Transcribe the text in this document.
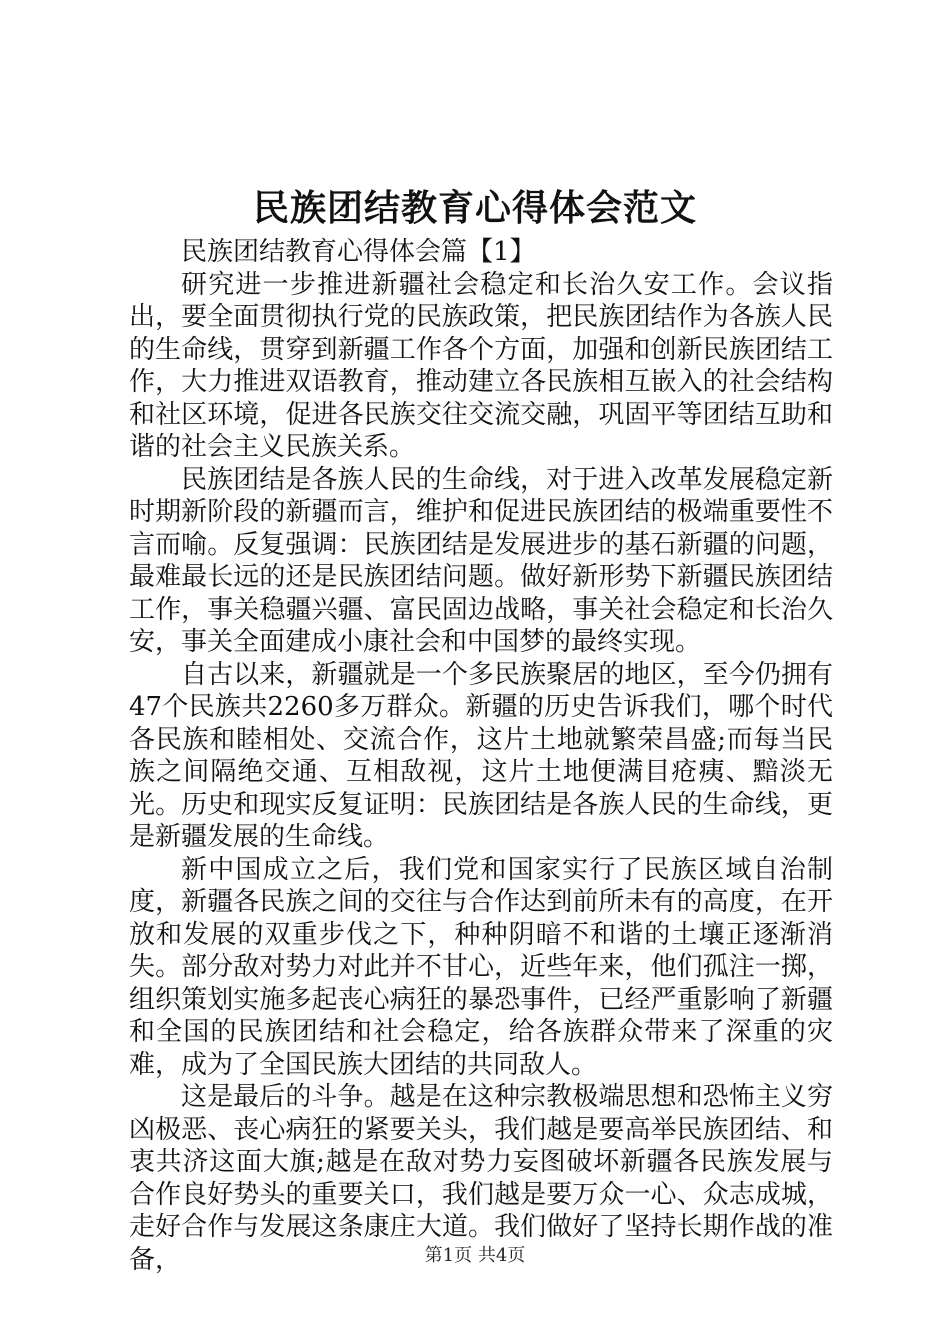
民族团结教育心得体会范文

民族团结教育心得体会篇【1】

研究进一步推进新疆社会稳定和长治久安工作。会议指出，要全面贯彻执行党的民族政策，把民族团结作为各族人民的生命线，贯穿到新疆工作各个方面，加强和创新民族团结工作，大力推进双语教育，推动建立各民族相互嵌入的社会结构和社区环境，促进各民族交往交流交融，巩固平等团结互助和谐的社会主义民族关系。

民族团结是各族人民的生命线，对于进入改革发展稳定新时期新阶段的新疆而言，维护和促进民族团结的极端重要性不言而喻。反复强调：民族团结是发展进步的基石新疆的问题，最难最长远的还是民族团结问题。做好新形势下新疆民族团结工作，事关稳疆兴疆、富民固边战略，事关社会稳定和长治久安，事关全面建成小康社会和中国梦的最终实现。

自古以来，新疆就是一个多民族聚居的地区，至今仍拥有47个民族共2260多万群众。新疆的历史告诉我们，哪个时代各民族和睦相处、交流合作，这片土地就繁荣昌盛;而每当民族之间隔绝交通、互相敌视，这片土地便满目疮痍、黯淡无光。历史和现实反复证明：民族团结是各族人民的生命线，更是新疆发展的生命线。

新中国成立之后，我们党和国家实行了民族区域自治制度，新疆各民族之间的交往与合作达到前所未有的高度，在开放和发展的双重步伐之下，种种阴暗不和谐的土壤正逐渐消失。部分敌对势力对此并不甘心，近些年来，他们孤注一掷，组织策划实施多起丧心病狂的暴恐事件，已经严重影响了新疆和全国的民族团结和社会稳定，给各族群众带来了深重的灾难，成为了全国民族大团结的共同敌人。

这是最后的斗争。越是在这种宗教极端思想和恐怖主义穷凶极恶、丧心病狂的紧要关头，我们越是要高举民族团结、和衷共济这面大旗;越是在敌对势力妄图破坏新疆各民族发展与合作良好势头的重要关口，我们越是要万众一心、众志成城，走好合作与发展这条康庄大道。我们做好了坚持长期作战的准备，	第1页 共4页
